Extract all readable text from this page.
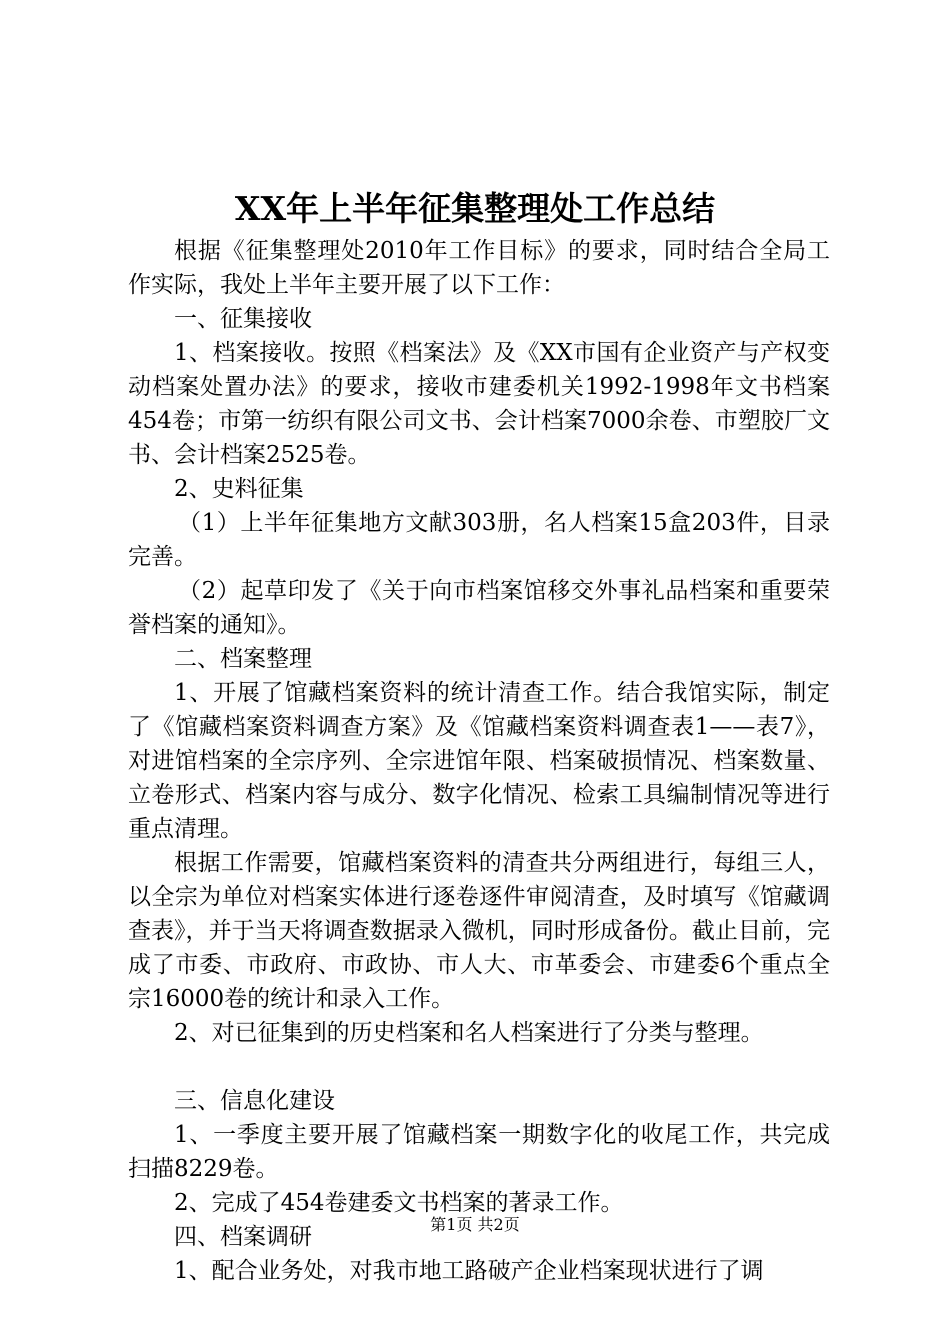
XX年上半年征集整理处工作总结

根据《征集整理处2010年工作目标》的要求，同时结合全局工作实际，我处上半年主要开展了以下工作：

一、征集接收

1、档案接收。按照《档案法》及《XX市国有企业资产与产权变动档案处置办法》的要求，接收市建委机关1992-1998年文书档案454卷；市第一纺织有限公司文书、会计档案7000余卷、市塑胶厂文书、会计档案2525卷。

2、史料征集

（1）上半年征集地方文献303册，名人档案15盒203件，目录完善。

（2）起草印发了《关于向市档案馆移交外事礼品档案和重要荣誉档案的通知》。

二、档案整理

1、开展了馆藏档案资料的统计清查工作。结合我馆实际，制定了《馆藏档案资料调查方案》及《馆藏档案资料调查表1——表7》，对进馆档案的全宗序列、全宗进馆年限、档案破损情况、档案数量、立卷形式、档案内容与成分、数字化情况、检索工具编制情况等进行重点清理。

根据工作需要，馆藏档案资料的清查共分两组进行，每组三人，以全宗为单位对档案实体进行逐卷逐件审阅清查，及时填写《馆藏调查表》，并于当天将调查数据录入微机，同时形成备份。截止目前，完成了市委、市政府、市政协、市人大、市革委会、市建委6个重点全宗16000卷的统计和录入工作。

2、对已征集到的历史档案和名人档案进行了分类与整理。

三、信息化建设

1、一季度主要开展了馆藏档案一期数字化的收尾工作，共完成扫描8229卷。

2、完成了454卷建委文书档案的著录工作。

四、档案调研

1、配合业务处，对我市地工路破产企业档案现状进行了调

第1页 共2页
